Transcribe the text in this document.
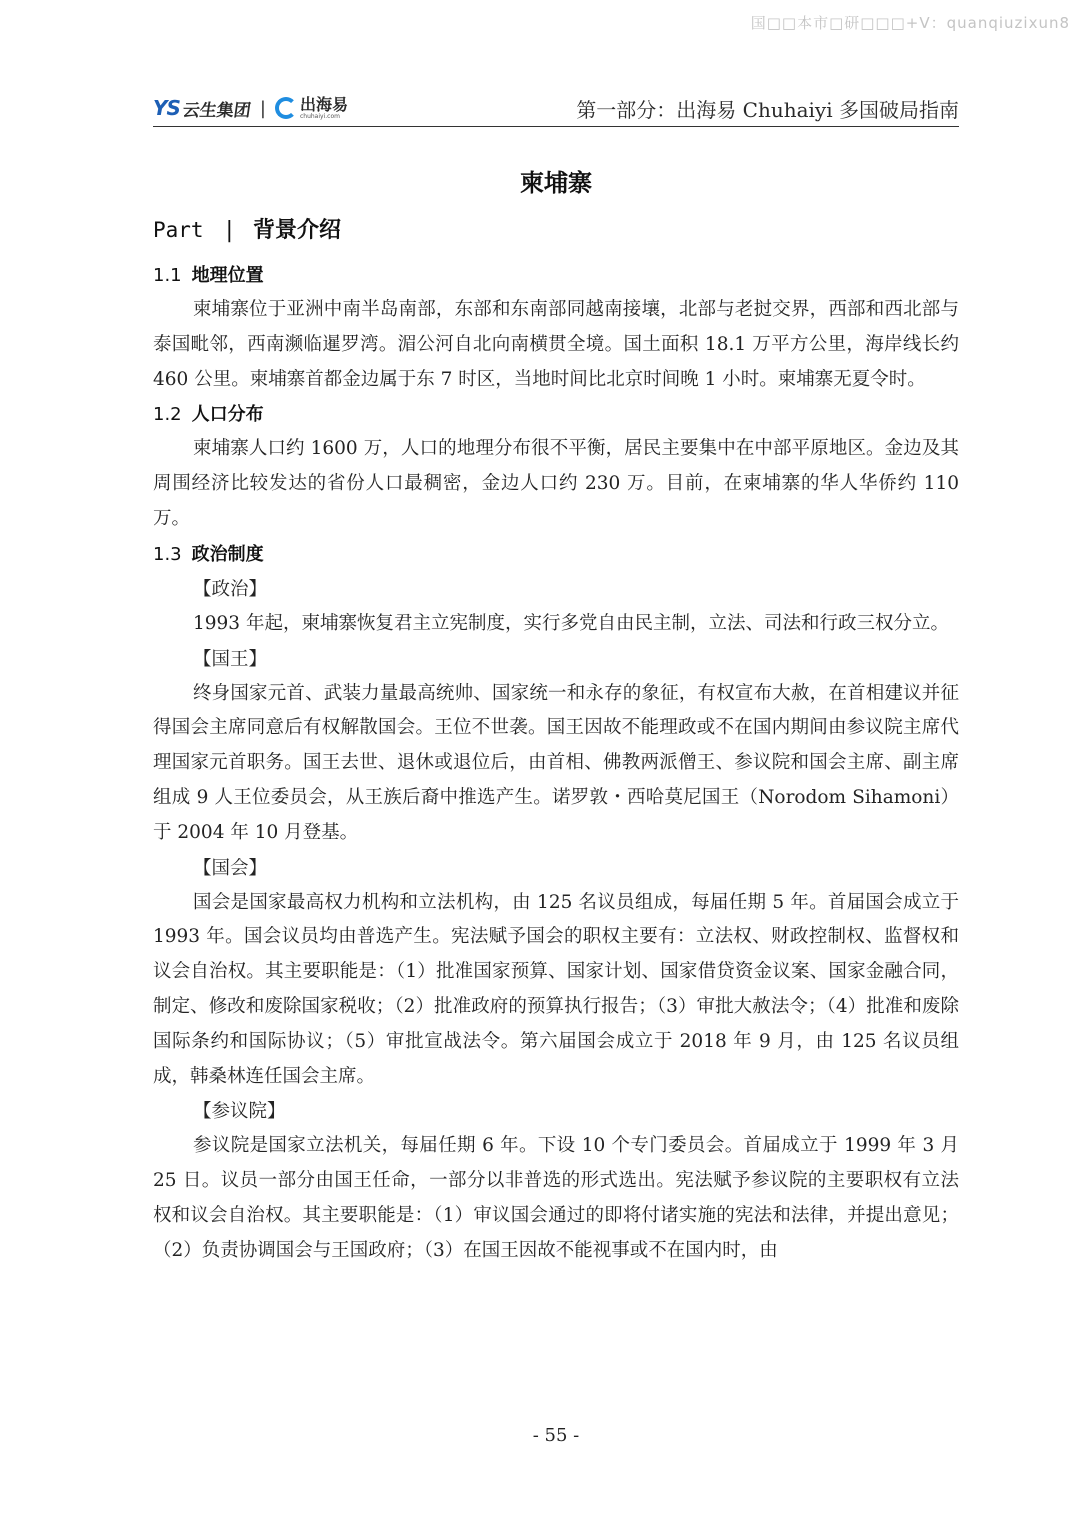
国□□本市□研□□□+V：quanqiuzixun8
YS 云生集团 | 出海易
chuhaiyi.com	第一部分：出海易 Chuhaiyi 多国破局指南
柬埔寨
Part | 背景介绍
1.1 地理位置

柬埔寨位于亚洲中南半岛南部，东部和东南部同越南接壤，北部与老挝交界，西部和西北部与泰国毗邻，西南濒临暹罗湾。湄公河自北向南横贯全境。国土面积 18.1 万平方公里，海岸线长约 460 公里。柬埔寨首都金边属于东 7 时区，当地时间比北京时间晚 1 小时。柬埔寨无夏令时。

1.2 人口分布

柬埔寨人口约 1600 万，人口的地理分布很不平衡，居民主要集中在中部平原地区。金边及其周围经济比较发达的省份人口最稠密，金边人口约 230 万。目前，在柬埔寨的华人华侨约 110 万。

1.3 政治制度
【政治】

1993 年起，柬埔寨恢复君主立宪制度，实行多党自由民主制，立法、司法和行政三权分立。

【国王】

终身国家元首、武装力量最高统帅、国家统一和永存的象征，有权宣布大赦，在首相建议并征得国会主席同意后有权解散国会。王位不世袭。国王因故不能理政或不在国内期间由参议院主席代理国家元首职务。国王去世、退休或退位后，由首相、佛教两派僧王、参议院和国会主席、副主席组成 9 人王位委员会，从王族后裔中推选产生。诺罗敦・西哈莫尼国王（Norodom Sihamoni）于 2004 年 10 月登基。

【国会】

国会是国家最高权力机构和立法机构，由 125 名议员组成，每届任期 5 年。首届国会成立于 1993 年。国会议员均由普选产生。宪法赋予国会的职权主要有：立法权、财政控制权、监督权和议会自治权。其主要职能是：（1）批准国家预算、国家计划、国家借贷资金议案、国家金融合同，制定、修改和废除国家税收；（2）批准政府的预算执行报告；（3）审批大赦法令；（4）批准和废除国际条约和国际协议；（5）审批宣战法令。第六届国会成立于 2018 年 9 月，由 125 名议员组成，韩桑林连任国会主席。

【参议院】

参议院是国家立法机关，每届任期 6 年。下设 10 个专门委员会。首届成立于 1999 年 3 月 25 日。议员一部分由国王任命，一部分以非普选的形式选出。宪法赋予参议院的主要职权有立法权和议会自治权。其主要职能是：（1）审议国会通过的即将付诸实施的宪法和法律，并提出意见；（2）负责协调国会与王国政府；（3）在国王因故不能视事或不在国内时，由

- 55 -
